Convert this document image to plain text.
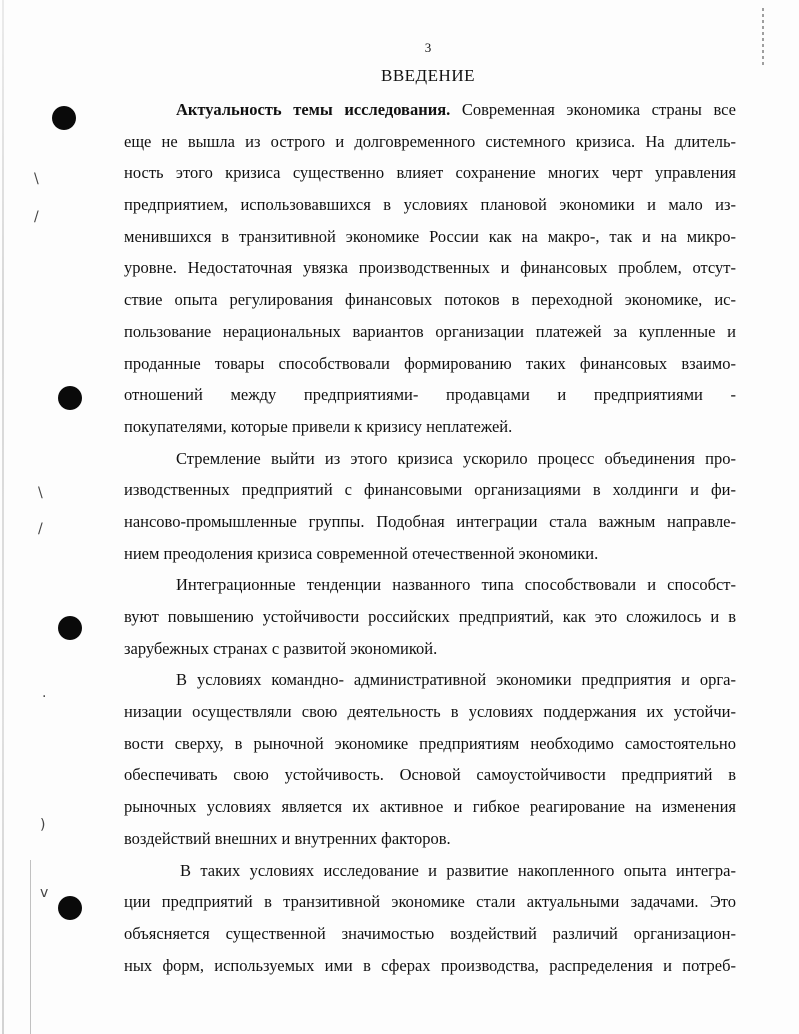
\
/
\
/
·
)
v
3
ВВЕДЕНИЕ
Актуальность темы исследования. Современная экономика страны все
еще не вышла из острого и долговременного системного кризиса. На длитель-
ность этого кризиса существенно влияет сохранение многих черт управления
предприятием, использовавшихся в условиях плановой экономики и мало из-
менившихся в транзитивной экономике России как на макро-, так и на микро-
уровне. Недостаточная увязка производственных и финансовых проблем, отсут-
ствие опыта регулирования финансовых потоков в переходной экономике, ис-
пользование нерациональных вариантов организации платежей за купленные и
проданные товары способствовали формированию таких финансовых взаимо-
отношений между предприятиями- продавцами и предприятиями -
покупателями, которые привели к кризису неплатежей.
Стремление выйти из этого кризиса ускорило процесс объединения про-
изводственных предприятий с финансовыми организациями в холдинги и фи-
нансово-промышленные группы. Подобная интеграции стала важным направле-
нием преодоления кризиса современной отечественной экономики.
Интеграционные тенденции названного типа способствовали и способст-
вуют повышению устойчивости российских предприятий, как это сложилось и в
зарубежных странах с развитой экономикой.
В условиях командно- административной экономики предприятия и орга-
низации осуществляли свою деятельность в условиях поддержания их устойчи-
вости сверху, в рыночной экономике предприятиям необходимо самостоятельно
обеспечивать свою устойчивость. Основой самоустойчивости предприятий в
рыночных условиях является их активное и гибкое реагирование на изменения
воздействий внешних и внутренних факторов.
В таких условиях исследование и развитие накопленного опыта интегра-
ции предприятий в транзитивной экономике стали актуальными задачами. Это
объясняется существенной значимостью воздействий различий организацион-
ных форм, используемых ими в сферах производства, распределения и потреб-
